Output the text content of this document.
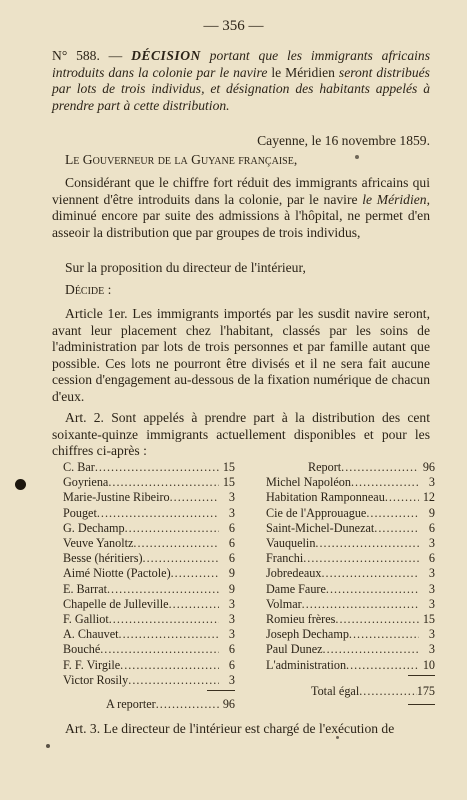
— 356 —

N° 588. — DÉCISION portant que les immigrants africains introduits dans la colonie par le navire le Méridien seront distribués par lots de trois individus, et désignation des habitants appelés à prendre part à cette distribution.

Cayenne, le 16 novembre 1859.

Le Gouverneur de la Guyane française,

Considérant que le chiffre fort réduit des immigrants africains qui viennent d'être introduits dans la colonie, par le navire le Méridien, diminué encore par suite des admissions à l'hôpital, ne permet d'en asseoir la distribution que par groupes de trois individus,

Sur la proposition du directeur de l'intérieur,

Décide :

Article 1er. Les immigrants importés par les susdit navire seront, avant leur placement chez l'habitant, classés par les soins de l'administration par lots de trois personnes et par famille autant que possible. Ces lots ne pourront être divisés et il ne sera fait aucune cession d'engagement au-dessous de la fixation numérique de chacun d'eux.

Art. 2. Sont appelés à prendre part à la distribution des cent soixante-quinze immigrants actuellement disponibles et pour les chiffres ci-après :

C. Bar .....	15
Goyriena .....	15
Marie-Justine Ribeiro .....	3
Pouget .....	3
G. Dechamp .....	6
Veuve Yanoltz .....	6
Besse (héritiers) .....	6
Aimé Niotte (Pactole) .....	9
E. Barrat .....	9
Chapelle de Julleville .....	3
F. Galliot .....	3
A. Chauvet .....	3
Bouché .....	6
F. F. Virgile .....	6
Victor Rosily .....	3
A reporter .....	96
Report .....	96
Michel Napoléon .....	3
Habitation Ramponneau .....	12
Cie de l'Approuague .....	9
Saint-Michel-Dunezat .....	6
Vauquelin .....	3
Franchi .....	6
Jobredeaux .....	3
Dame Faure .....	3
Volmar .....	3
Romieu frères .....	15
Joseph Dechamp .....	3
Paul Dunez .....	3
L'administration .....	10
Total égal .....	175

Art. 3. Le directeur de l'intérieur est chargé de l'exécution de
